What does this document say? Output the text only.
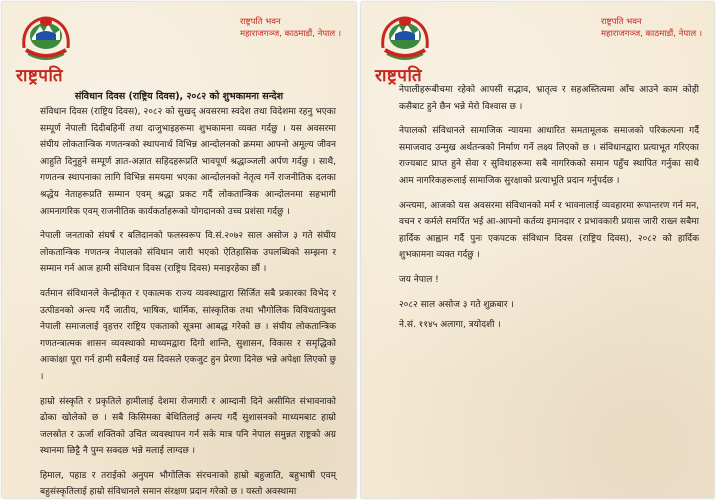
राष्ट्रपति
राष्ट्रपति भवन
महाराजगञ्ज, काठमाडौं, नेपाल ।
संविधान दिवस (राष्ट्रिय दिवस), २०८२ को शुभकामना सन्देश

संविधान दिवस (राष्ट्रिय दिवस), २०८२ को सुखद् अवसरमा स्वदेश तथा विदेशमा रहनु भएका सम्पूर्ण नेपाली दिदीबहिनीं तथा दाजुभाइहरूमा शुभकामना व्यक्त गर्दछु । यस अवसरमा संघीय लोकतान्त्रिक गणतन्त्रको स्थापनार्थ विभिन्न आन्दोलनको क्रममा आफ्नो अमूल्य जीवन आहुति दिनुहुने सम्पूर्ण ज्ञात-अज्ञात सहिदहरूप्रति भावपूर्ण श्रद्धाञ्जली अर्पण गर्दछु । साथै, गणतन्त्र स्थापनाका लागि विभिन्न समयमा भएका आन्दोलनको नेतृत्व गर्ने राजनीतिक दलका श्रद्धेय नेताहरूप्रति सम्मान एवम् श्रद्धा प्रकट गर्दै लोकतान्त्रिक आन्दोलनमा सहभागी आमनागरिक एवम् राजनीतिक कार्यकर्ताहरूको योगदानको उच्च प्रशंसा गर्दछु ।

नेपाली जनताको संघर्ष र बलिदानको फलस्वरूप वि.सं.२०७२ साल असोज ३ गते संघीय लोकतान्त्रिक गणतन्त्र नेपालको संविधान जारी भएको ऐतिहासिक उपलब्धिको सम्झना र सम्मान गर्न आज हामी संविधान दिवस (राष्ट्रिय दिवस) मनाइरहेका छौं ।

वर्तमान संविधानले केन्द्रीकृत र एकात्मक राज्य व्यवस्थाद्वारा सिर्जित सबै प्रकारका विभेद र उत्पीडनको अन्त्य गर्दै जातीय, भाषिक, धार्मिक, सांस्कृतिक तथा भौगोलिक विविधतायुक्त नेपाली समाजलाई वृहत्तर राष्ट्रिय एकताको सूत्रमा आबद्ध गरेको छ । संघीय लोकतान्त्रिक गणतन्त्रात्मक शासन व्यवस्थाको माध्यमद्वारा दिगो शान्ति, सुशासन, विकास र समृद्धिको आकांक्षा पूरा गर्न हामी सबैलाई यस दिवसले एकजुट हुन प्रेरणा दिनेछ भन्ने अपेक्षा लिएको छु ।

हाम्रो संस्कृति र प्रकृतिले हामीलाई देशमा रोजगारी र आम्दानी दिने असीमित संभावनाको ढोका खोलेको छ । सबै किसिमका बेथितिलाई अन्त्य गर्दै सुशासनको माध्यमबाट हाम्रो जलस्रोत र ऊर्जा शक्तिको उचित व्यवस्थापन गर्न सके मात्र पनि नेपाल समुन्नत राष्ट्रको अग्र स्थानमा छिट्टै नै पुग्न सक्दछ भन्ने मलाई लाग्दछ ।

हिमाल, पहाड र तराईको अनुपम भौगोलिक संरचनाको हाम्रो बहुजाति, बहुभाषी एवम् बहुसंस्कृतिलाई हाम्रो संविधानले समान संरक्षण प्रदान गरेको छ । यस्तो अवस्थामा

राष्ट्रपति
राष्ट्रपति भवन
महाराजगञ्ज, काठमाडौं, नेपाल ।

नेपालीहरूबीचमा रहेको आपसी सद्भाव, भ्रातृत्व र सहअस्तित्वमा आँच आउने काम कोही कसैबाट हुने छैन भन्ने मेरो विश्वास छ ।

नेपालको संविधानले सामाजिक न्यायमा आधारित समतामूलक समाजको परिकल्पना गर्दै समाजवाद उन्मुख अर्थतन्त्रको निर्माण गर्ने लक्ष्य लिएको छ । संविधानद्वारा प्रत्याभूत गरिएका राज्यबाट प्राप्त हुने सेवा र सुविधाहरूमा सबै नागरिकको समान पहुँच स्थापित गर्नुका साथै आम नागरिकहरूलाई सामाजिक सुरक्षाको प्रत्याभूति प्रदान गर्नुपर्दछ ।

अन्त्यमा, आजको यस अवसरमा संविधानको मर्म र भावनालाई व्यवहारमा रूपान्तरण गर्न मन, वचन र कर्मले समर्पित भई आ-आफ्नो कर्तव्य इमानदार र प्रभावकारी प्रयास जारी राख्न सबैमा हार्दिक आह्वान गर्दै पुनः एकपटक संविधान दिवस (राष्ट्रिय दिवस), २०८२ को हार्दिक शुभकामना व्यक्त गर्दछु ।

जय नेपाल !

२०८२ साल असोज ३ गते शुक्रबार ।

ने.सं. ११४५ अलागा, त्रयोदशी ।
